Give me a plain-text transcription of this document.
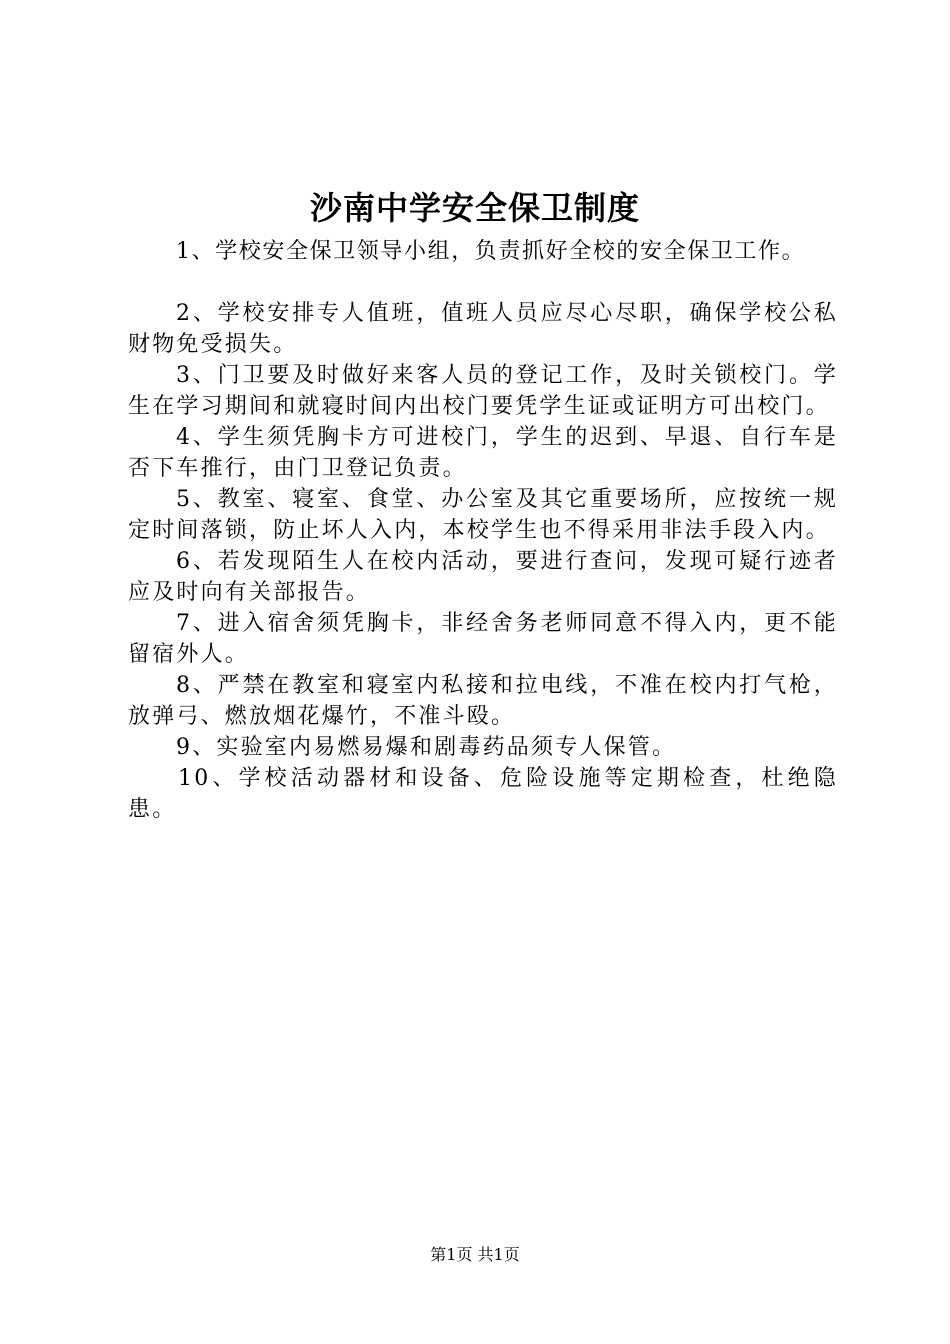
沙南中学安全保卫制度

1、学校安全保卫领导小组，负责抓好全校的安全保卫工作。

2、学校安排专人值班，值班人员应尽心尽职，确保学校公私财物免受损失。

3、门卫要及时做好来客人员的登记工作，及时关锁校门。学生在学习期间和就寝时间内出校门要凭学生证或证明方可出校门。

4、学生须凭胸卡方可进校门，学生的迟到、早退、自行车是否下车推行，由门卫登记负责。

5、教室、寝室、食堂、办公室及其它重要场所，应按统一规定时间落锁，防止坏人入内，本校学生也不得采用非法手段入内。

6、若发现陌生人在校内活动，要进行查问，发现可疑行迹者应及时向有关部报告。

7、进入宿舍须凭胸卡，非经舍务老师同意不得入内，更不能留宿外人。

8、严禁在教室和寝室内私接和拉电线，不准在校内打气枪，放弹弓、燃放烟花爆竹，不准斗殴。

9、实验室内易燃易爆和剧毒药品须专人保管。

10、学校活动器材和设备、危险设施等定期检查，杜绝隐患。

第1页 共1页
